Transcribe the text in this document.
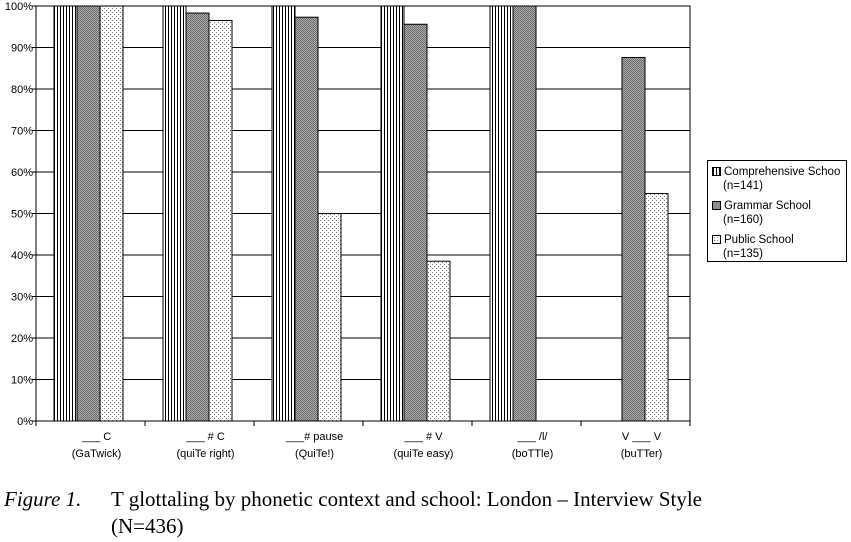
0%
10%
20%
30%
40%
50%
60%
70%
80%
90%
100%
___ C
(GaTwick)
___ # C
(quiTe right)
___# pause
(QuiTe!)
___ # V
(quiTe easy)
___ /l/
(boTTle)
V ___ V
(buTTer)
Comprehensive Schoo
(n=141)
Grammar School
(n=160)
Public School
(n=135)
Figure 1. T glottaling by phonetic context and school: London – Interview Style
(N=436)
